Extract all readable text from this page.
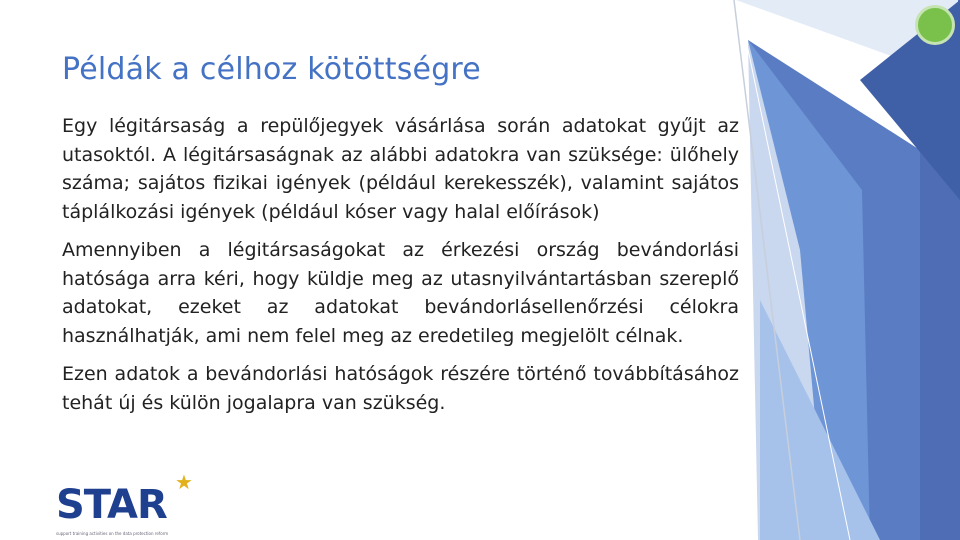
Példák a célhoz kötöttségre

Egy légitársaság a repülőjegyek vásárlása során adatokat gyűjt az utasoktól. A légitársaságnak az alábbi adatokra van szüksége: ülőhely száma; sajátos fizikai igények (például kerekesszék), valamint sajátos táplálkozási igények (például kóser vagy halal előírások)

Amennyiben a légitársaságokat az érkezési ország bevándorlási hatósága arra kéri, hogy küldje meg az utasnyilvántartásban szereplő adatokat, ezeket az adatokat bevándorlásellenőrzési célokra használhatják, ami nem felel meg az eredetileg megjelölt célnak.

Ezen adatok a bevándorlási hatóságok részére történő továbbításához tehát új és külön jogalapra van szükség.

STAR ★
support training activities on the data protection reform
